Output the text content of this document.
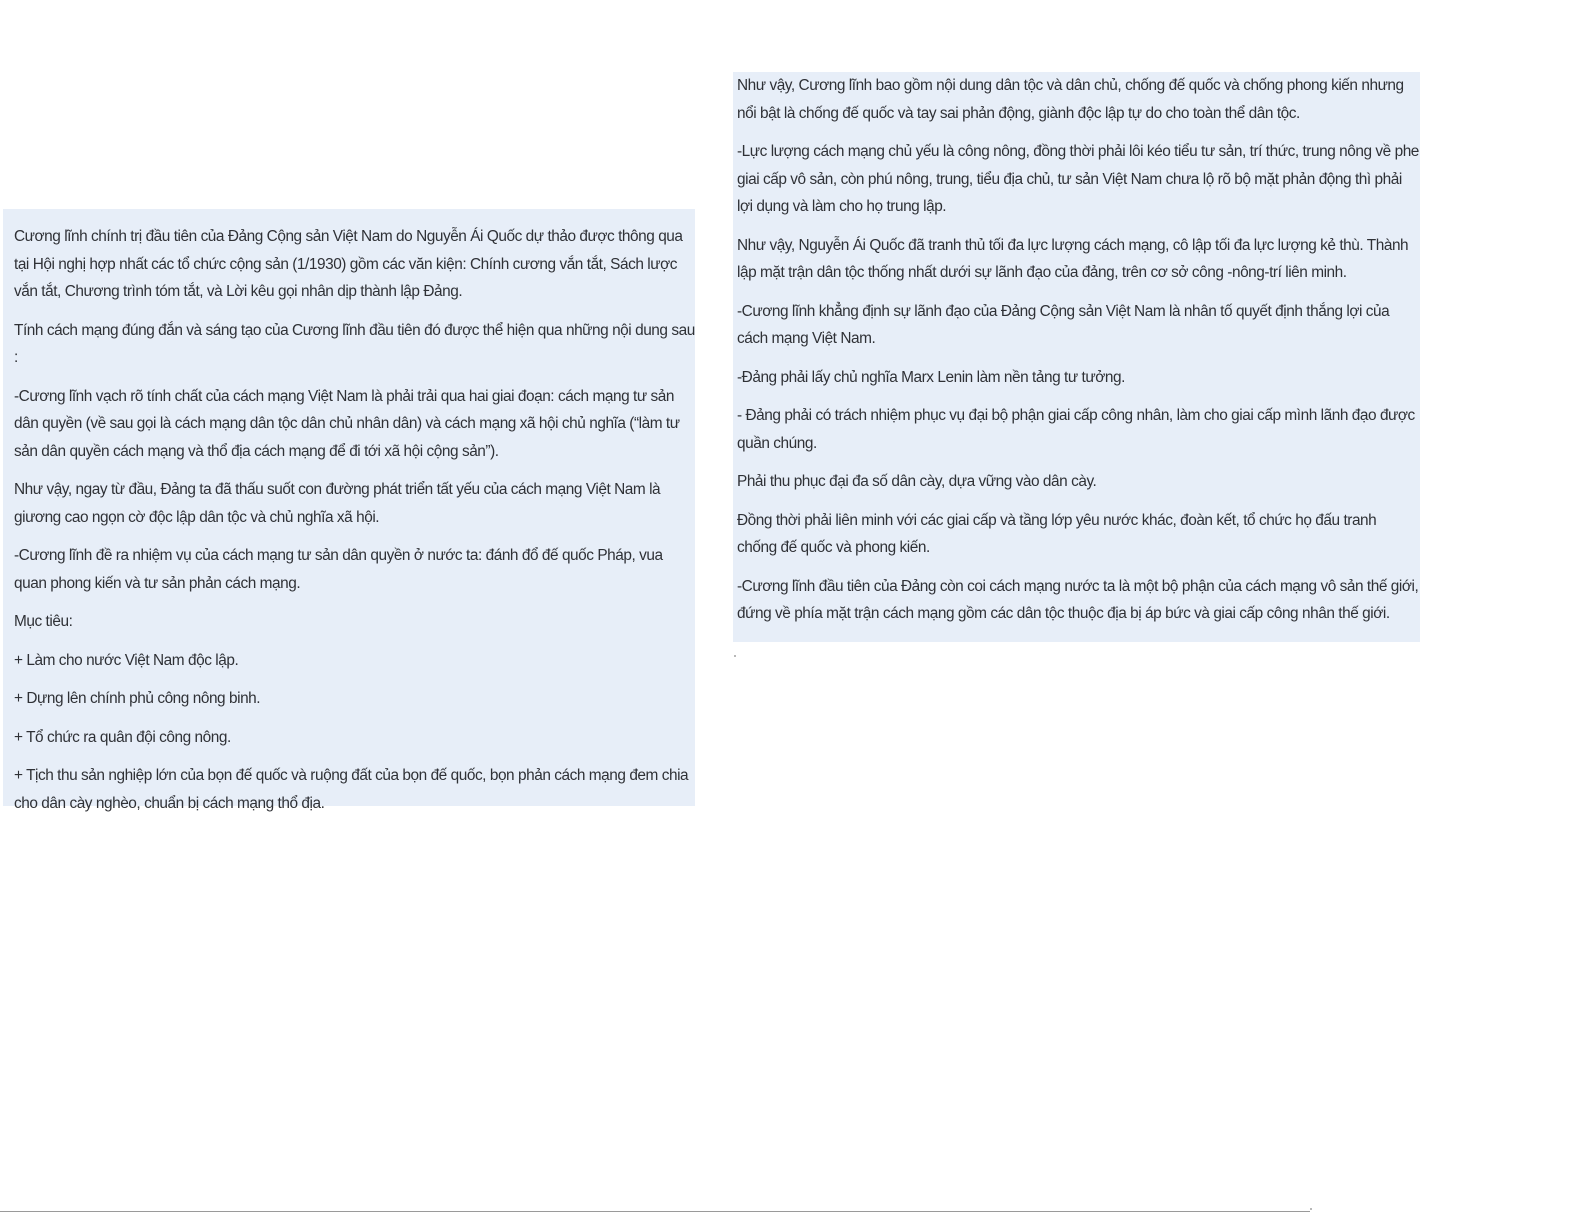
Cương lĩnh chính trị đầu tiên của Đảng Cộng sản Việt Nam do Nguyễn Ái Quốc dự thảo được thông qua tại Hội nghị hợp nhất các tổ chức cộng sản (1/1930) gồm các văn kiện: Chính cương vắn tắt, Sách lược vắn tắt, Chương trình tóm tắt, và Lời kêu gọi nhân dịp thành lập Đảng.

Tính cách mạng đúng đắn và sáng tạo của Cương lĩnh đầu tiên đó được thể hiện qua những nội dung sau :

-Cương lĩnh vạch rõ tính chất của cách mạng Việt Nam là phải trải qua hai giai đoạn: cách mạng tư sản dân quyền (về sau gọi là cách mạng dân tộc dân chủ nhân dân) và cách mạng xã hội chủ nghĩa (“làm tư sản dân quyền cách mạng và thổ địa cách mạng để đi tới xã hội cộng sản”).

Như vậy, ngay từ đầu, Đảng ta đã thấu suốt con đường phát triển tất yếu của cách mạng Việt Nam là giương cao ngọn cờ độc lập dân tộc và chủ nghĩa xã hội.

-Cương lĩnh đề ra nhiệm vụ của cách mạng tư sản dân quyền ở nước ta: đánh đổ đế quốc Pháp, vua quan phong kiến và tư sản phản cách mạng.

Mục tiêu:

+ Làm cho nước Việt Nam độc lập.

+ Dựng lên chính phủ công nông binh.

+ Tổ chức ra quân đội công nông.

+ Tịch thu sản nghiệp lớn của bọn đế quốc và ruộng đất của bọn đế quốc, bọn phản cách mạng đem chia cho dân cày nghèo, chuẩn bị cách mạng thổ địa.

Như vậy, Cương lĩnh bao gồm nội dung dân tộc và dân chủ, chống đế quốc và chống phong kiến nhưng nổi bật là chống đế quốc và tay sai phản động, giành độc lập tự do cho toàn thể dân tộc.

-Lực lượng cách mạng chủ yếu là công nông, đồng thời phải lôi kéo tiểu tư sản, trí thức, trung nông về phe giai cấp vô sản, còn phú nông, trung, tiểu địa chủ, tư sản Việt Nam chưa lộ rõ bộ mặt phản động thì phải lợi dụng và làm cho họ trung lập.

Như vậy, Nguyễn Ái Quốc đã tranh thủ tối đa lực lượng cách mạng, cô lập tối đa lực lượng kẻ thù. Thành lập mặt trận dân tộc thống nhất dưới sự lãnh đạo của đảng, trên cơ sở công -nông-trí liên minh.

-Cương lĩnh khẳng định sự lãnh đạo của Đảng Cộng sản Việt Nam là nhân tố quyết định thắng lợi của cách mạng Việt Nam.

-Đảng phải lấy chủ nghĩa Marx Lenin làm nền tảng tư tưởng.

- Đảng phải có trách nhiệm phục vụ đại bộ phận giai cấp công nhân, làm cho giai cấp mình lãnh đạo được quần chúng.

Phải thu phục đại đa số dân cày, dựa vững vào dân cày.

Đồng thời phải liên minh với các giai cấp và tầng lớp yêu nước khác, đoàn kết, tổ chức họ đấu tranh chống đế quốc và phong kiến.

-Cương lĩnh đầu tiên của Đảng còn coi cách mạng nước ta là một bộ phận của cách mạng vô sản thế giới, đứng về phía mặt trận cách mạng gồm các dân tộc thuộc địa bị áp bức và giai cấp công nhân thế giới.
